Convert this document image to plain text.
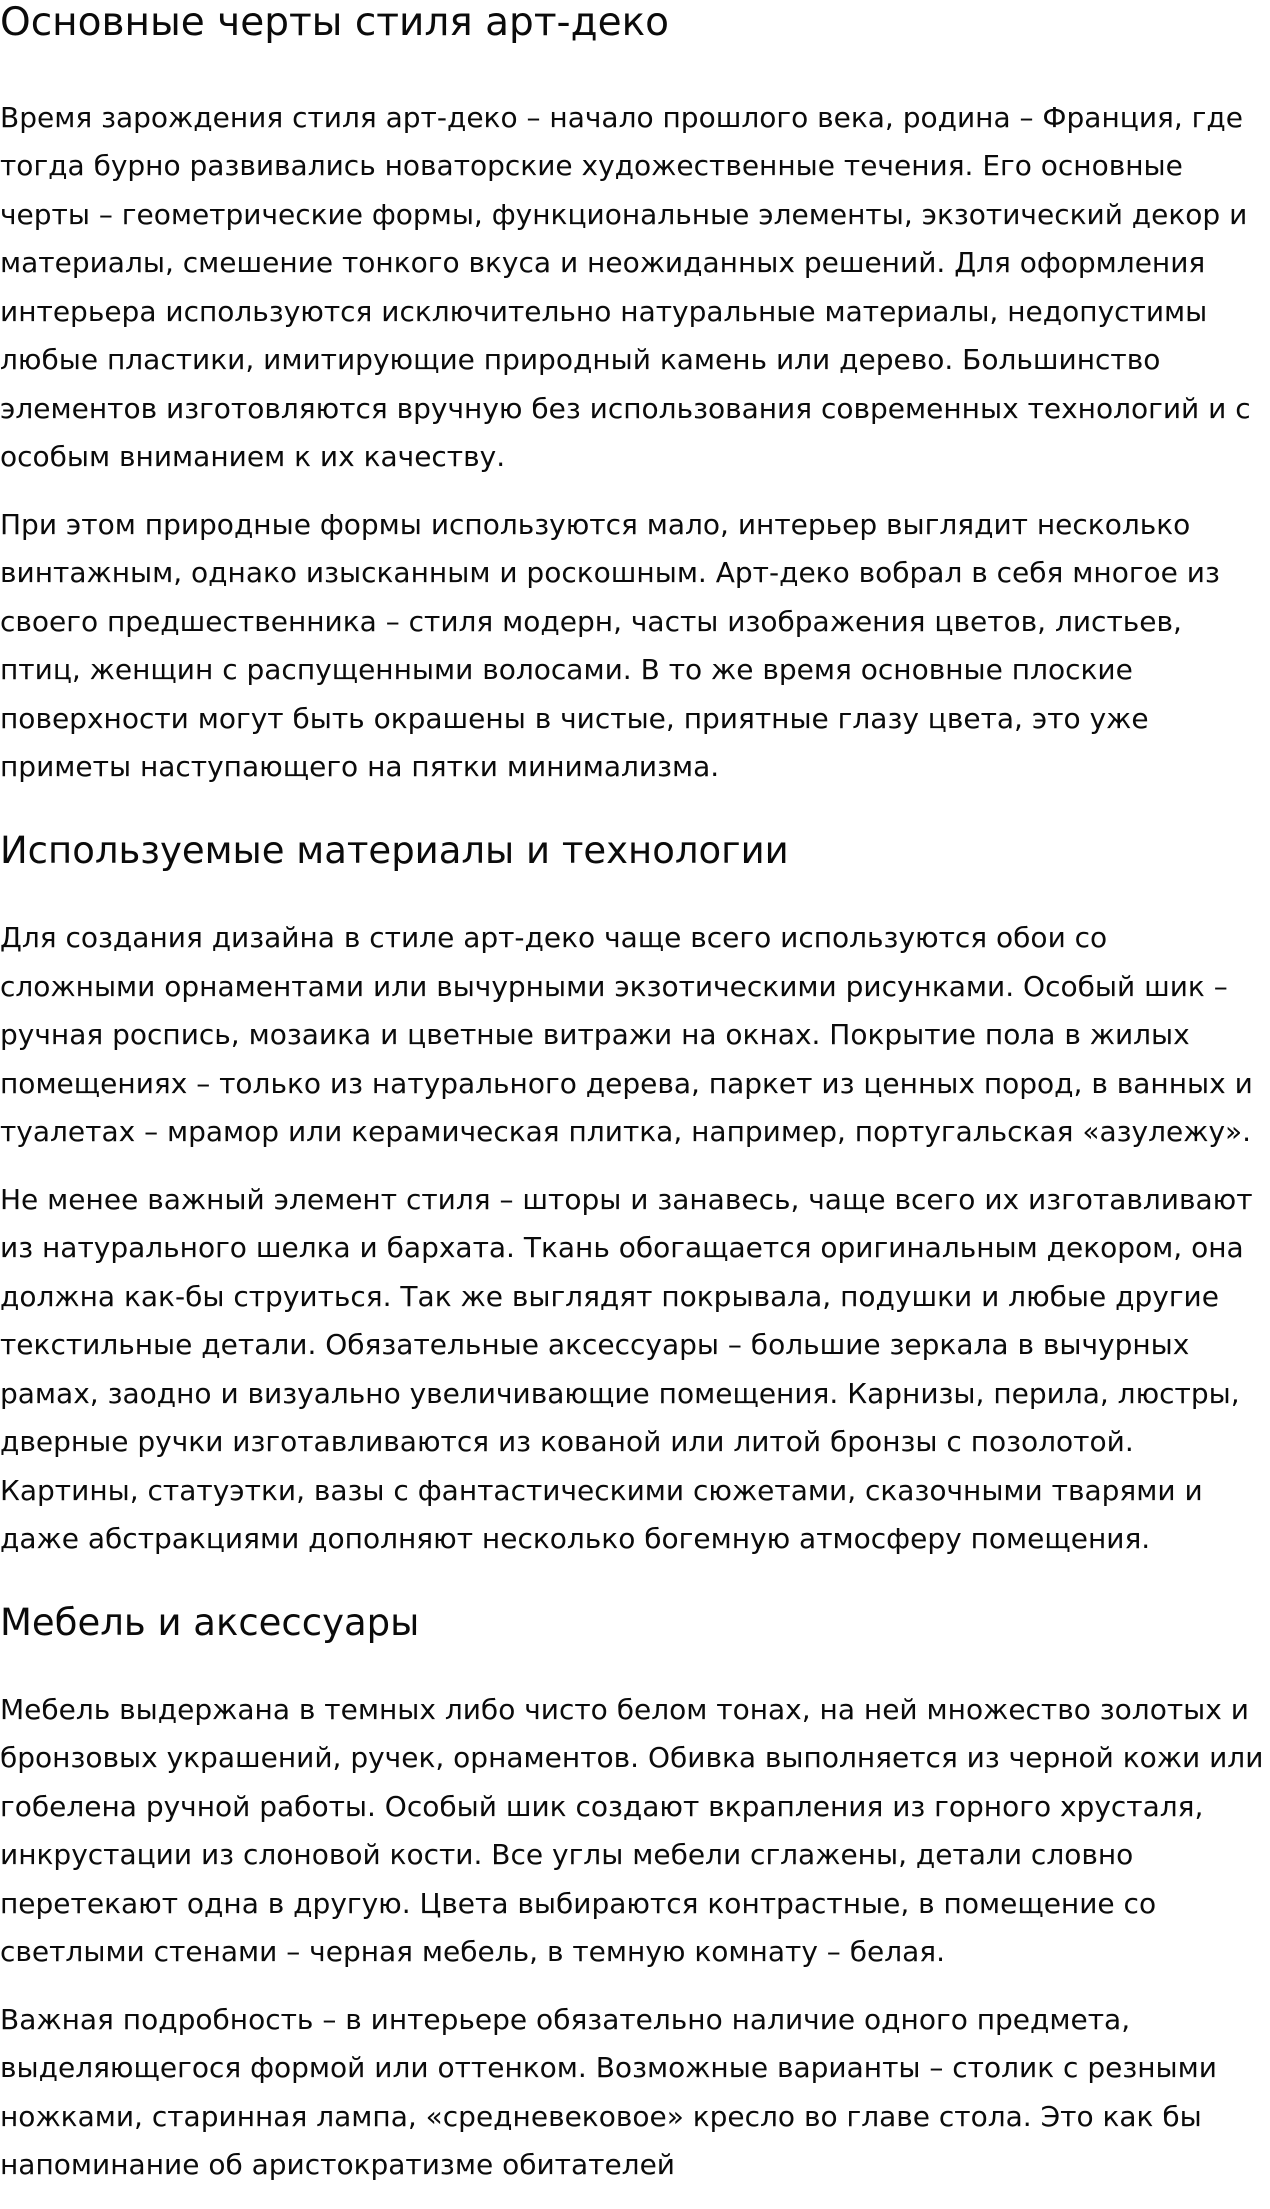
Основные черты стиля арт-деко

Время зарождения стиля арт-деко – начало прошлого века, родина – Франция, где тогда бурно развивались новаторские художественные течения. Его основные черты – геометрические формы, функциональные элементы, экзотический декор и материалы, смешение тонкого вкуса и неожиданных решений. Для оформления интерьера используются исключительно натуральные материалы, недопустимы любые пластики, имитирующие природный камень или дерево. Большинство элементов изготовляются вручную без использования современных технологий и с особым вниманием к их качеству.

При этом природные формы используются мало, интерьер выглядит несколько винтажным, однако изысканным и роскошным. Арт-деко вобрал в себя многое из своего предшественника – стиля модерн, часты изображения цветов, листьев, птиц, женщин с распущенными волосами. В то же время основные плоские поверхности могут быть окрашены в чистые, приятные глазу цвета, это уже приметы наступающего на пятки минимализма.

Используемые материалы и технологии

Для создания дизайна в стиле арт-деко чаще всего используются обои со сложными орнаментами или вычурными экзотическими рисунками. Особый шик – ручная роспись, мозаика и цветные витражи на окнах. Покрытие пола в жилых помещениях – только из натурального дерева, паркет из ценных пород, в ванных и туалетах – мрамор или керамическая плитка, например, португальская «азулежу».

Не менее важный элемент стиля – шторы и занавесь, чаще всего их изготавливают из натурального шелка и бархата. Ткань обогащается оригинальным декором, она должна как-бы струиться. Так же выглядят покрывала, подушки и любые другие текстильные детали. Обязательные аксессуары – большие зеркала в вычурных рамах, заодно и визуально увеличивающие помещения. Карнизы, перила, люстры, дверные ручки изготавливаются из кованой или литой бронзы с позолотой. Картины, статуэтки, вазы с фантастическими сюжетами, сказочными тварями и даже абстракциями дополняют несколько богемную атмосферу помещения.

Мебель и аксессуары

Мебель выдержана в темных либо чисто белом тонах, на ней множество золотых и бронзовых украшений, ручек, орнаментов. Обивка выполняется из черной кожи или гобелена ручной работы. Особый шик создают вкрапления из горного хрусталя, инкрустации из слоновой кости. Все углы мебели сглажены, детали словно перетекают одна в другую. Цвета выбираются контрастные, в помещение со светлыми стенами – черная мебель, в темную комнату – белая.

Важная подробность – в интерьере обязательно наличие одного предмета, выделяющегося формой или оттенком. Возможные варианты – столик с резными ножками, старинная лампа, «средневековое» кресло во главе стола. Это как бы напоминание об аристократизме обитателей
